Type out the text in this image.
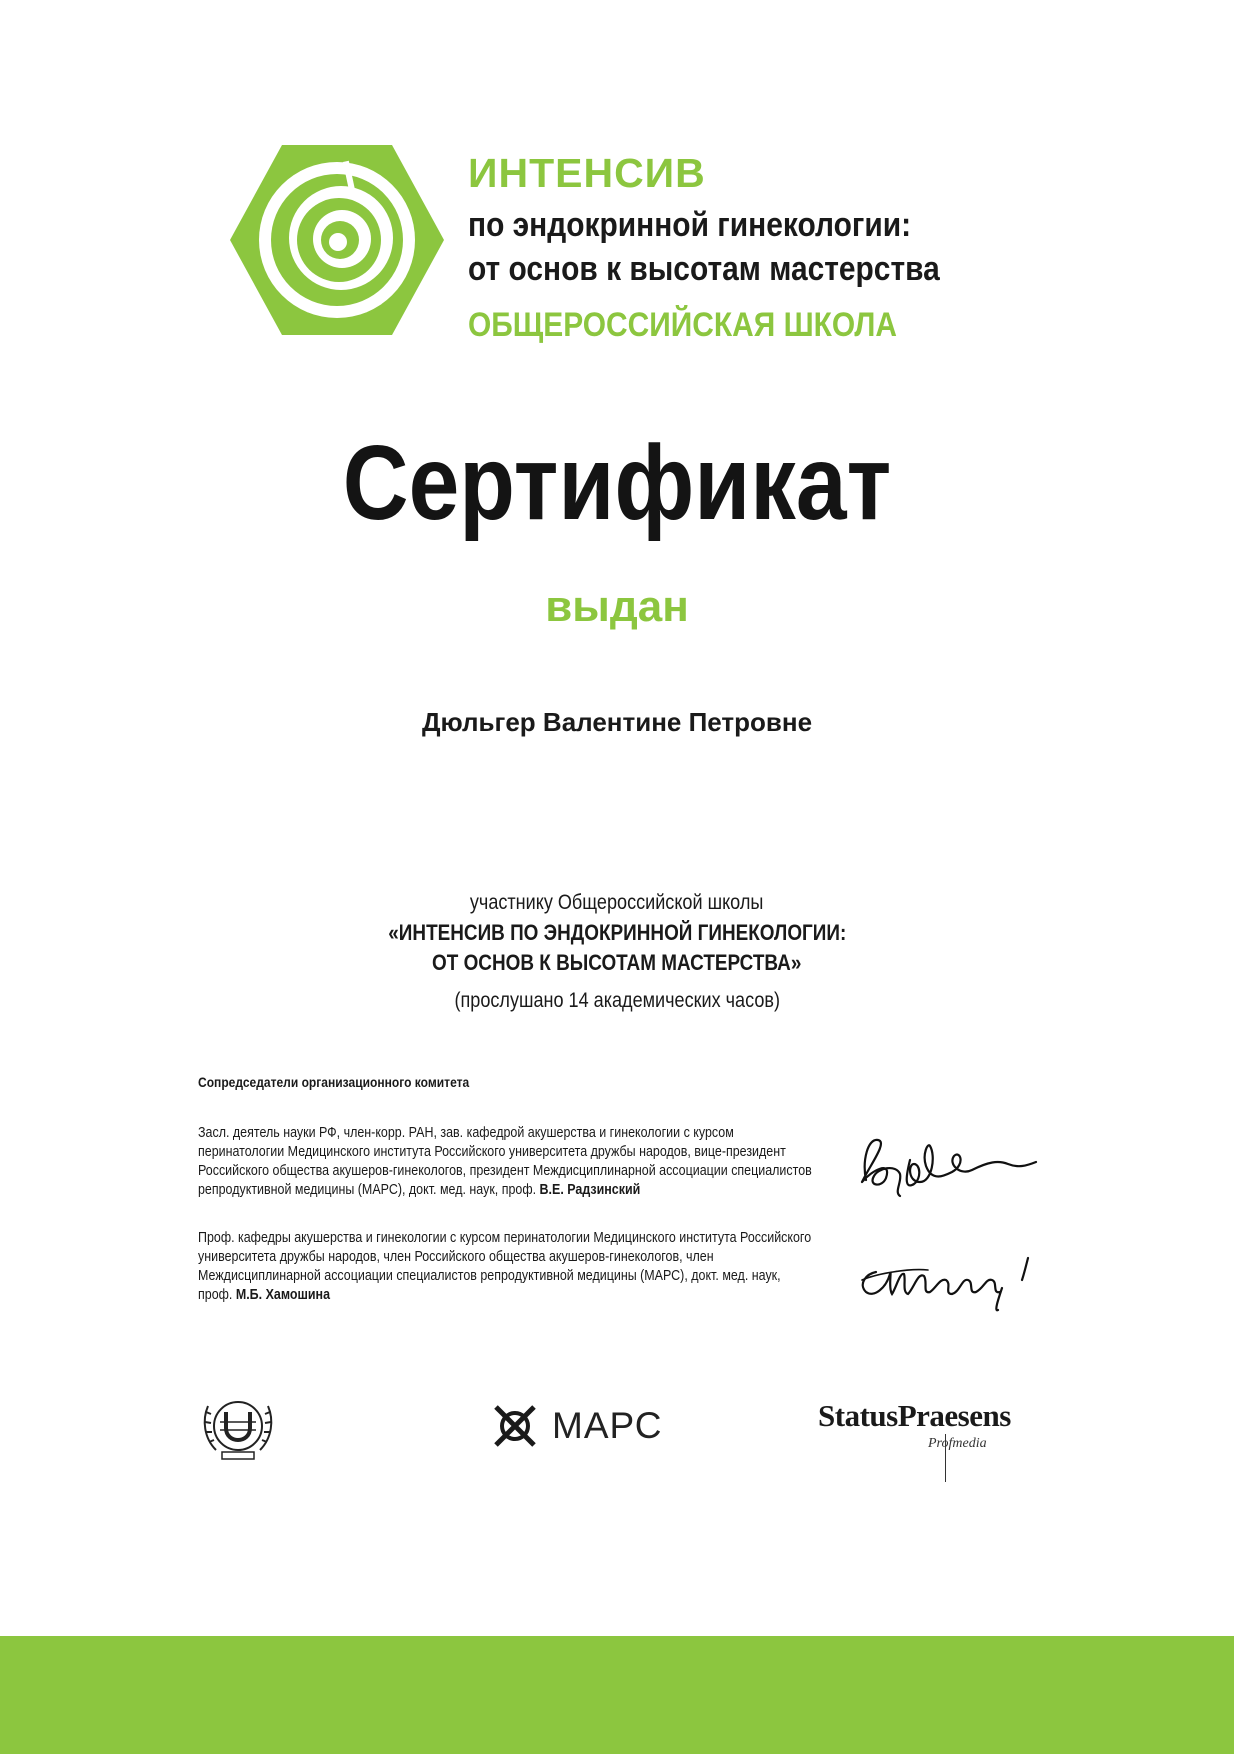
ИНТЕНСИВ
по эндокринной гинекологии:
от основ к высотам мастерства
ОБЩЕРОССИЙСКАЯ ШКОЛА
Сертификат
выдан
Дюльгер Валентине Петровне
участнику Общероссийской школы
«ИНТЕНСИВ ПО ЭНДОКРИННОЙ ГИНЕКОЛОГИИ:
ОТ ОСНОВ К ВЫСОТАМ МАСТЕРСТВА»
(прослушано 14 академических часов)
Сопредседатели организационного комитета
Засл. деятель науки РФ, член-корр. РАН, зав. кафедрой акушерства и гинекологии с курсом перинатологии Медицинского института Российского университета дружбы народов, вице-президент Российского общества акушеров-гинекологов, президент Междисциплинарной ассоциации специалистов репродуктивной медицины (МАРС), докт. мед. наук, проф. В.Е. Радзинский
Проф. кафедры акушерства и гинекологии с курсом перинатологии Медицинского института Российского университета дружбы народов, член Российского общества акушеров-гинекологов, член Междисциплинарной ассоциации специалистов репродуктивной медицины (МАРС), докт. мед. наук, проф. М.Б. Хамошина
МАРС	StatusPraesens
Profmedia
